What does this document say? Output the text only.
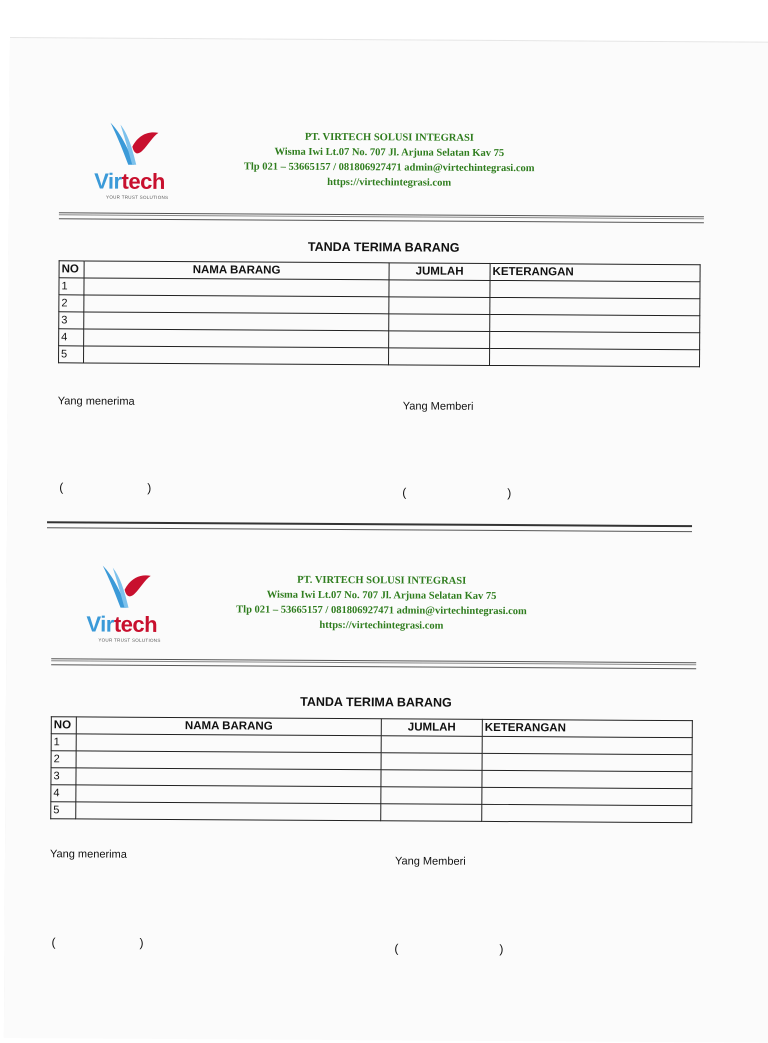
Virtech
YOUR TRUST SOLUTIONS
PT. VIRTECH SOLUSI INTEGRASI
Wisma Iwi Lt.07 No. 707 Jl. Arjuna Selatan Kav 75
Tlp 021 – 53665157 / 081806927471 admin@virtechintegrasi.com
https://virtechintegrasi.com
TANDA TERIMA BARANG
NO	NAMA BARANG	JUMLAH	KETERANGAN
1			
2			
3			
4			
5			
Yang menerima	Yang Memberi
(	)	(	)
Virtech
YOUR TRUST SOLUTIONS
PT. VIRTECH SOLUSI INTEGRASI
Wisma Iwi Lt.07 No. 707 Jl. Arjuna Selatan Kav 75
Tlp 021 – 53665157 / 081806927471 admin@virtechintegrasi.com
https://virtechintegrasi.com
TANDA TERIMA BARANG
NO	NAMA BARANG	JUMLAH	KETERANGAN
1			
2			
3			
4			
5			
Yang menerima
Yang Memberi
(	)	(	)
